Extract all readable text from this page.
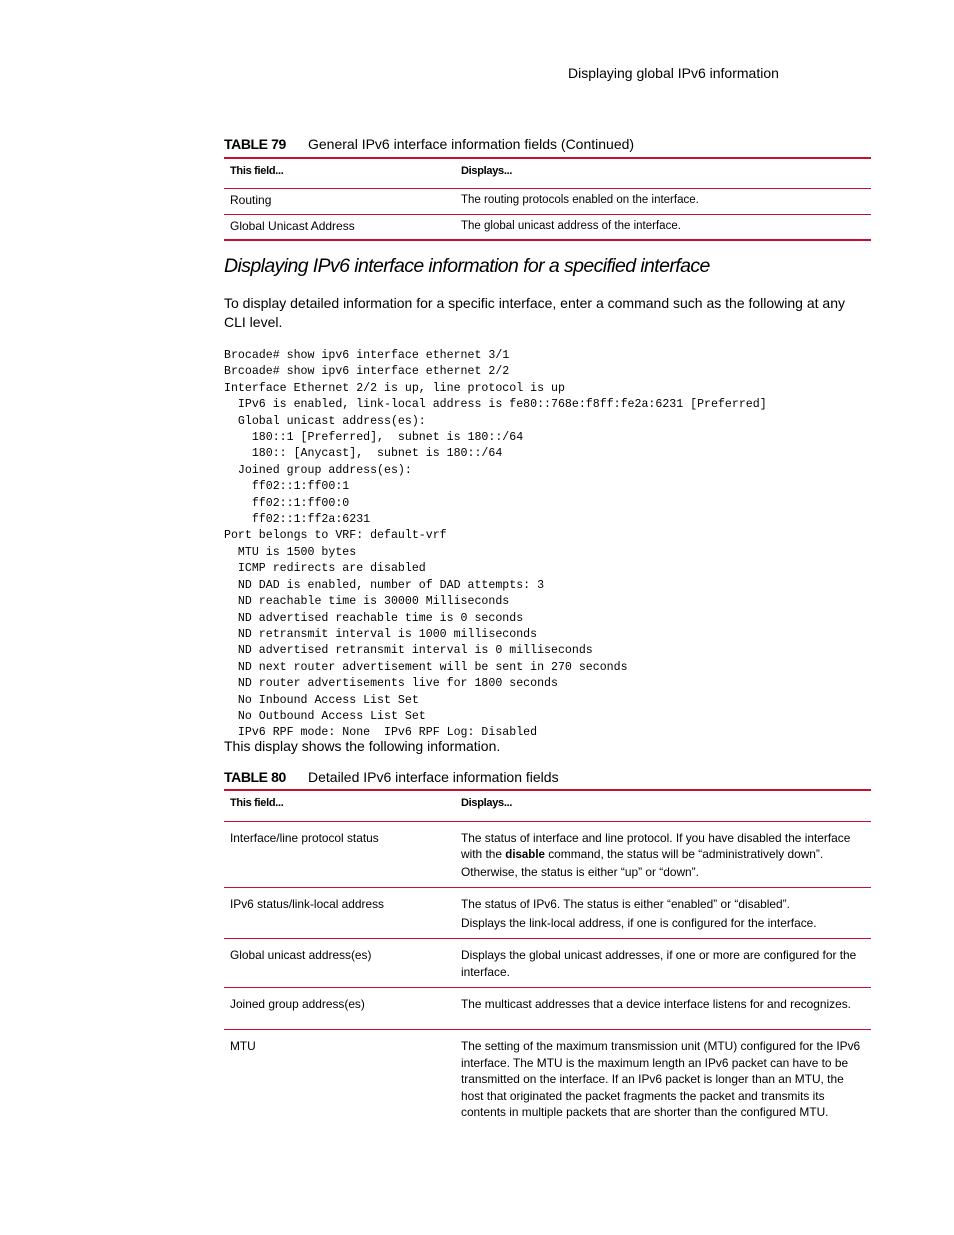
Displaying global IPv6 information
TABLE 79 General IPv6 interface information fields (Continued)
This field...	Displays...
Routing	The routing protocols enabled on the interface.
Global Unicast Address	The global unicast address of the interface.
Displaying IPv6 interface information for a specified interface
To display detailed information for a specific interface, enter a command such as the following at any CLI level.
Brocade# show ipv6 interface ethernet 3/1
Brcoade# show ipv6 interface ethernet 2/2
Interface Ethernet 2/2 is up, line protocol is up
IPv6 is enabled, link-local address is fe80::768e:f8ff:fe2a:6231 [Preferred]
Global unicast address(es):
180::1 [Preferred],  subnet is 180::/64
180:: [Anycast],  subnet is 180::/64
Joined group address(es):
ff02::1:ff00:1
ff02::1:ff00:0
ff02::1:ff2a:6231
Port belongs to VRF: default-vrf
MTU is 1500 bytes
ICMP redirects are disabled
ND DAD is enabled, number of DAD attempts: 3
ND reachable time is 30000 Milliseconds
ND advertised reachable time is 0 seconds
ND retransmit interval is 1000 milliseconds
ND advertised retransmit interval is 0 milliseconds
ND next router advertisement will be sent in 270 seconds
ND router advertisements live for 1800 seconds
No Inbound Access List Set
No Outbound Access List Set
IPv6 RPF mode: None  IPv6 RPF Log: Disabled
This display shows the following information.
TABLE 80 Detailed IPv6 interface information fields
This field...	Displays...
Interface/line protocol status	The status of interface and line protocol. If you have disabled the interface with the disable command, the status will be “administratively down”. Otherwise, the status is either “up” or “down”.
IPv6 status/link-local address	The status of IPv6. The status is either “enabled” or “disabled”.
Displays the link-local address, if one is configured for the interface.

Global unicast address(es)	Displays the global unicast addresses, if one or more are configured for the interface.
Joined group address(es)	The multicast addresses that a device interface listens for and recognizes.
MTU	The setting of the maximum transmission unit (MTU) configured for the IPv6 interface. The MTU is the maximum length an IPv6 packet can have to be transmitted on the interface. If an IPv6 packet is longer than an MTU, the host that originated the packet fragments the packet and transmits its contents in multiple packets that are shorter than the configured MTU.
